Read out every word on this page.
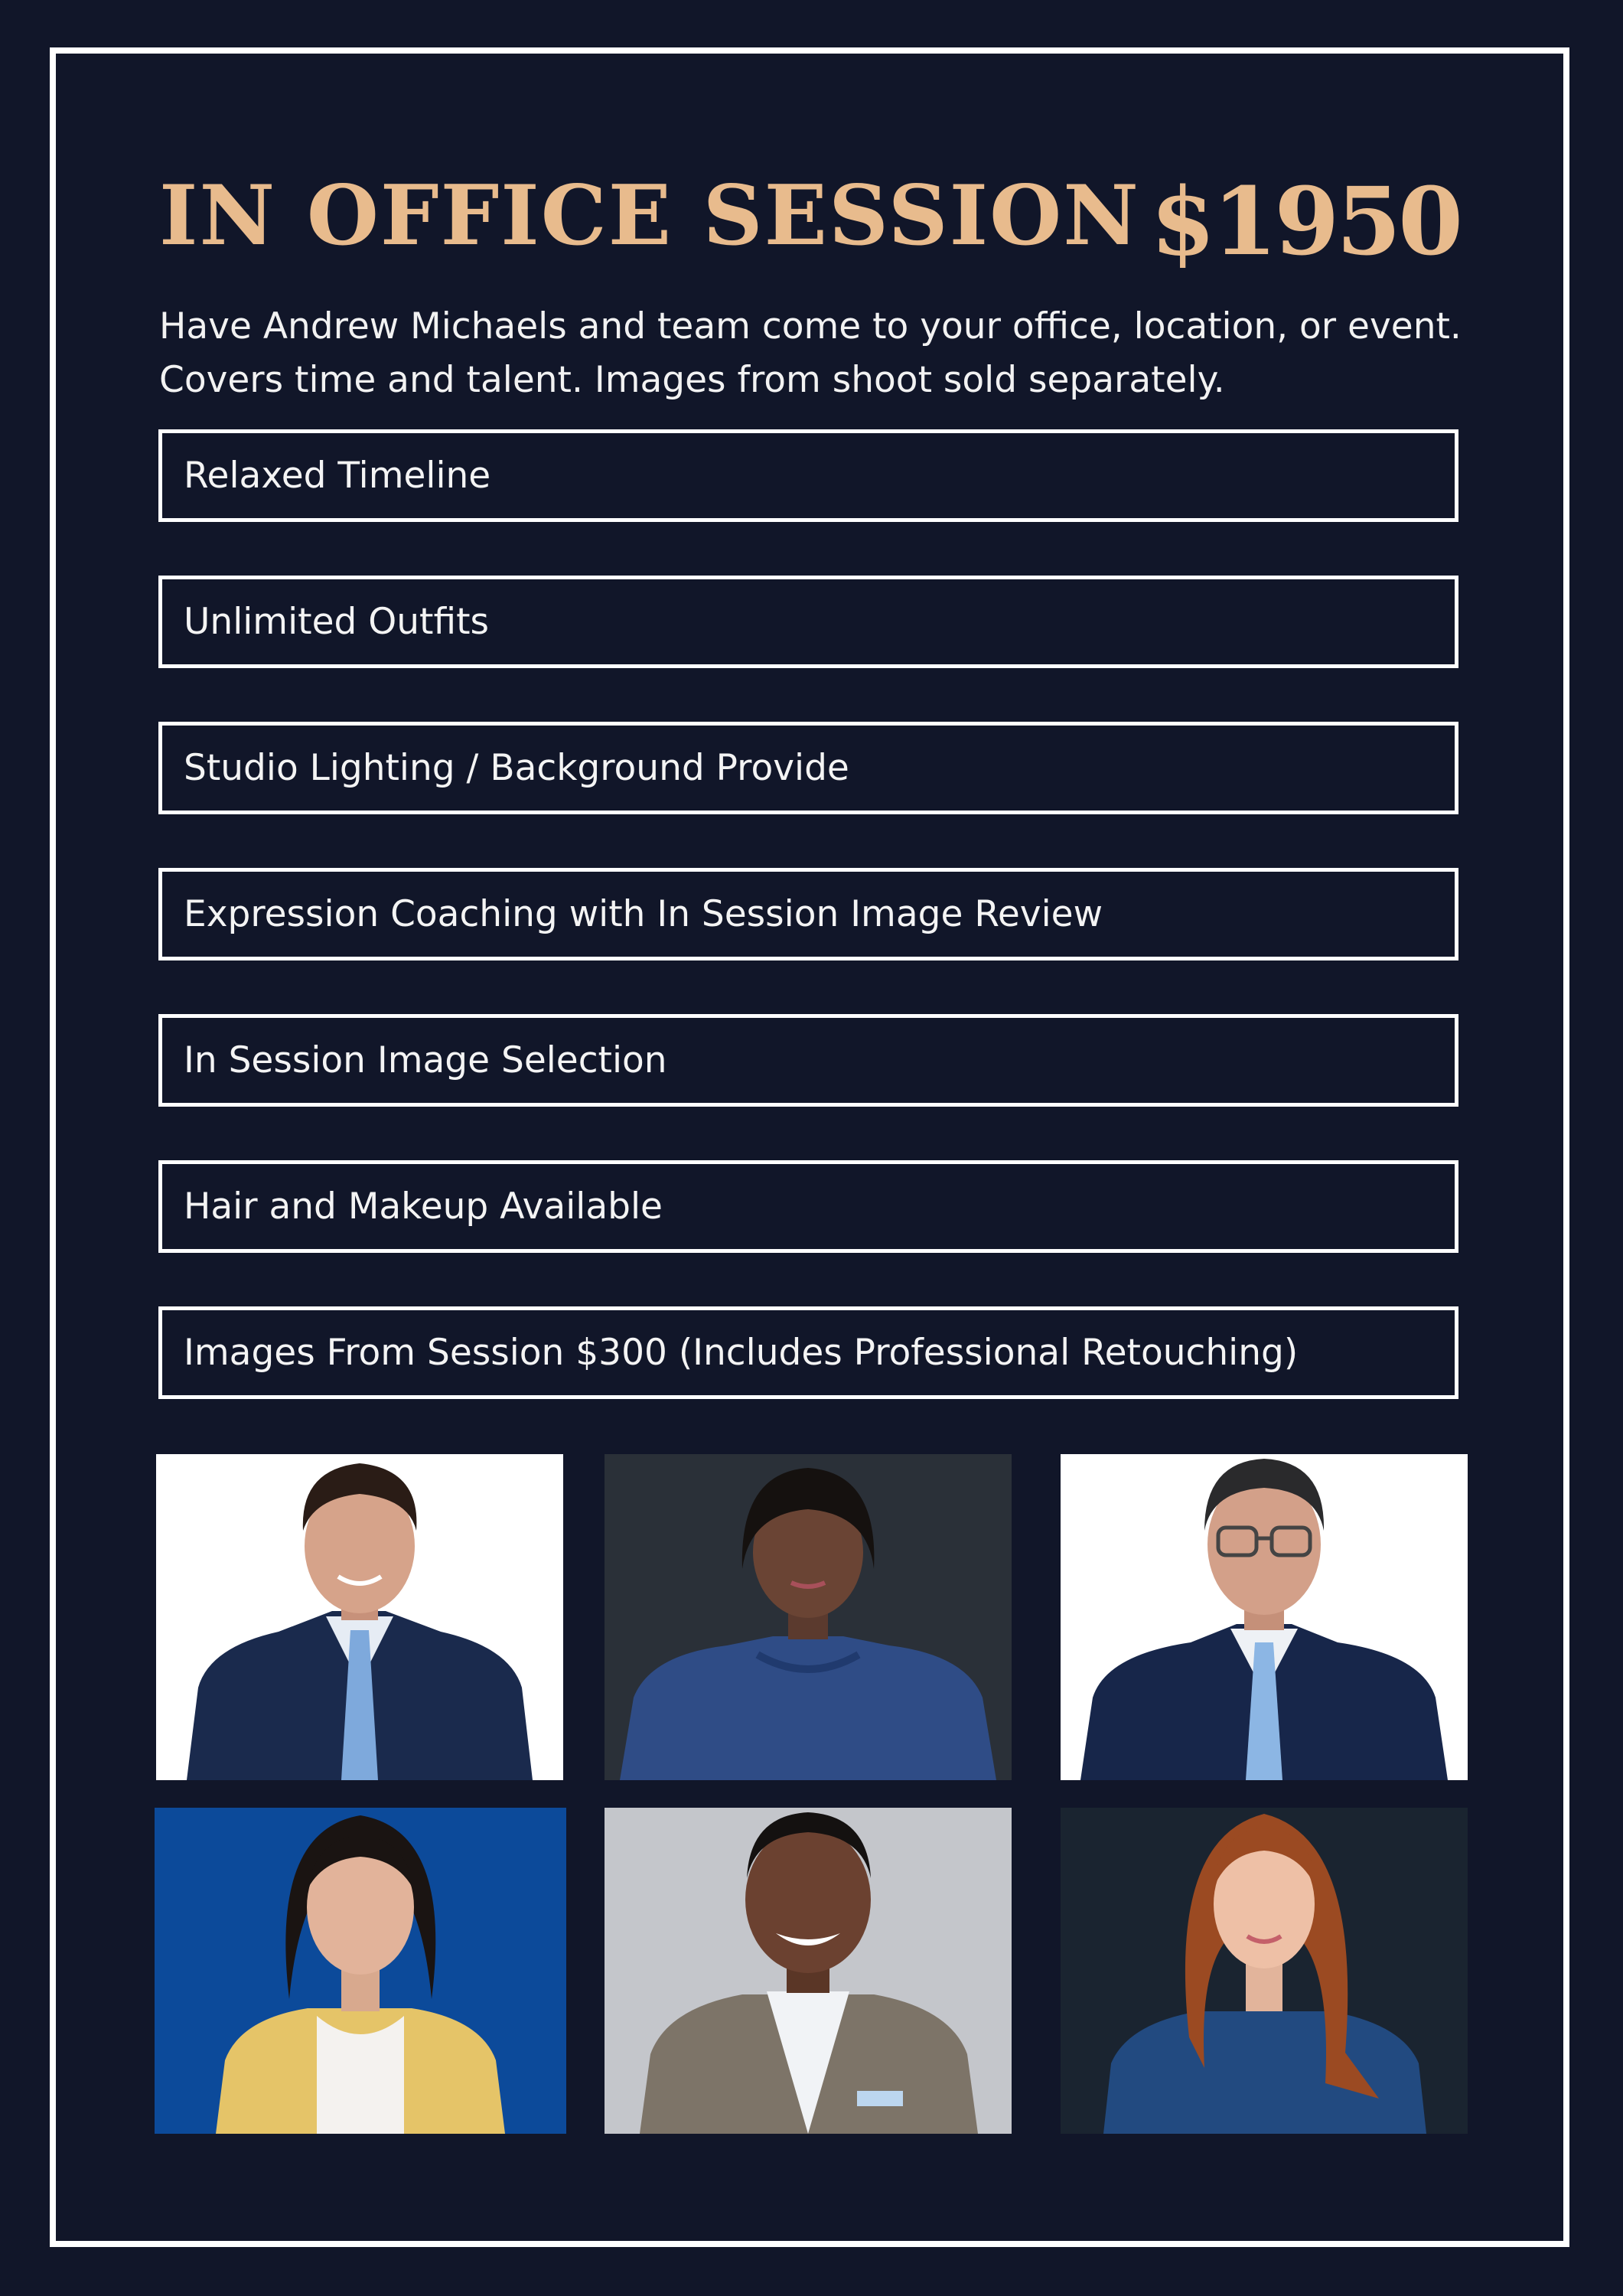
IN OFFICE SESSION $1950

Have Andrew Michaels and team come to your office, location, or event.

Covers time and talent. Images from shoot sold separately.

Relaxed Timeline
Unlimited Outfits
Studio Lighting / Background Provide
Expression Coaching with In Session Image Review
In Session Image Selection
Hair and Makeup Available
Images From Session $300 (Includes Professional Retouching)
